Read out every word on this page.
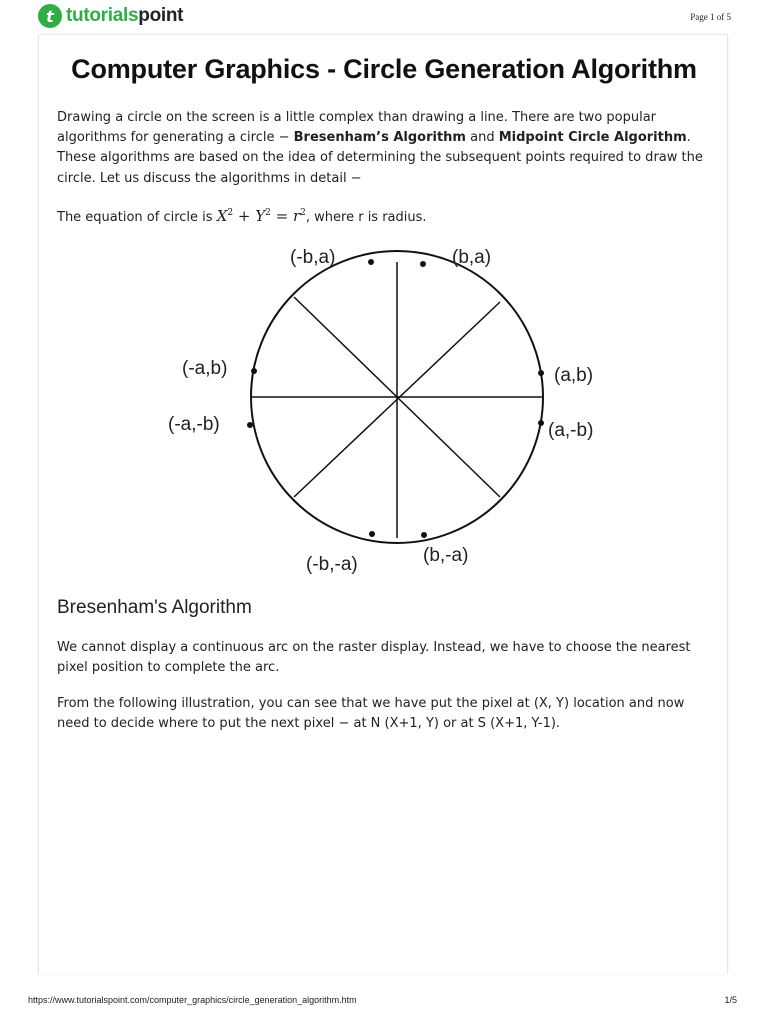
t tutorialspoint	Page 1 of 5
Computer Graphics - Circle Generation Algorithm

Drawing a circle on the screen is a little complex than drawing a line. There are two popular algorithms for generating a circle − Bresenham’s Algorithm and Midpoint Circle Algorithm. These algorithms are based on the idea of determining the subsequent points required to draw the circle. Let us discuss the algorithms in detail −

The equation of circle is $X^2 + Y^2 = r^2$, where r is radius.

(-b,a)	(b,a)
(-a,b)	(a,b)
(-a,-b)	(a,-b)
(-b,-a)	(b,-a)
Bresenham's Algorithm

We cannot display a continuous arc on the raster display. Instead, we have to choose the nearest pixel position to complete the arc.

From the following illustration, you can see that we have put the pixel at (X, Y) location and now need to decide where to put the next pixel − at N (X+1, Y) or at S (X+1, Y-1).

https://www.tutorialspoint.com/computer_graphics/circle_generation_algorithm.htm	1/5
